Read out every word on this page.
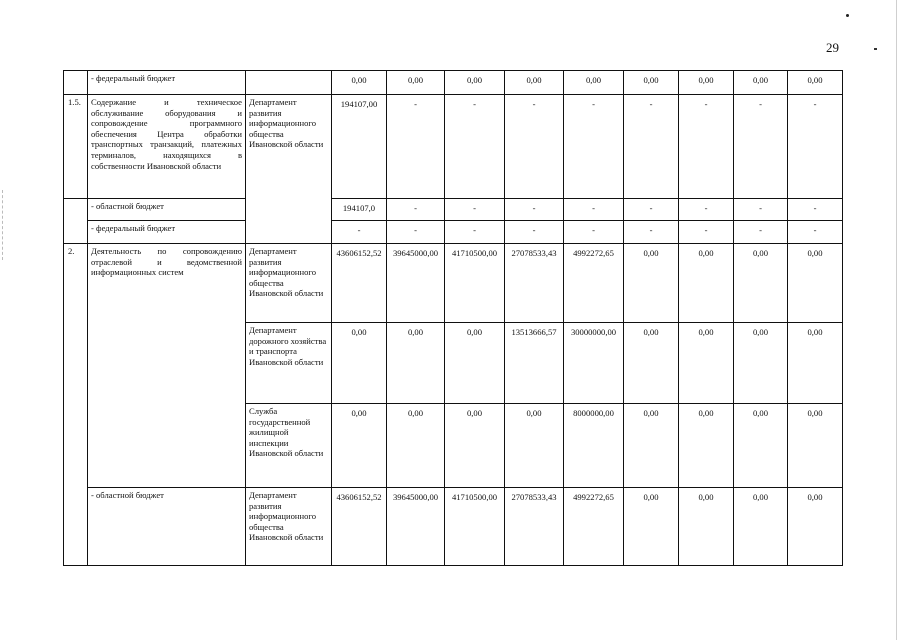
29
	- федеральный бюджет		0,00	0,00	0,00	0,00	0,00	0,00	0,00	0,00	0,00
1.5.	Содержание и техническое обслуживание оборудования и сопровождение программного обеспечения Центра обработки транспортных транзакций, платежных терминалов, находящихся в собственности Ивановской области	Департамент развития информационного общества Ивановской области	194107,00	-	-	-	-	-	-	-	-
	- областной бюджет		194107,0	-	-	-	-	-	-	-	-
	- федеральный бюджет		-	-	-	-	-	-	-	-	-
2.	Деятельность по сопровождению отраслевой и ведомственной информационных систем	Департамент развития информационного общества Ивановской области	43606152,52	39645000,00	41710500,00	27078533,43	4992272,65	0,00	0,00	0,00	0,00
		Департамент дорожного хозяйства и транспорта Ивановской области	0,00	0,00	0,00	13513666,57	30000000,00	0,00	0,00	0,00	0,00
		Служба государственной жилищной инспекции Ивановской области	0,00	0,00	0,00	0,00	8000000,00	0,00	0,00	0,00	0,00
	- областной бюджет	Департамент развития информационного общества Ивановской области	43606152,52	39645000,00	41710500,00	27078533,43	4992272,65	0,00	0,00	0,00	0,00
